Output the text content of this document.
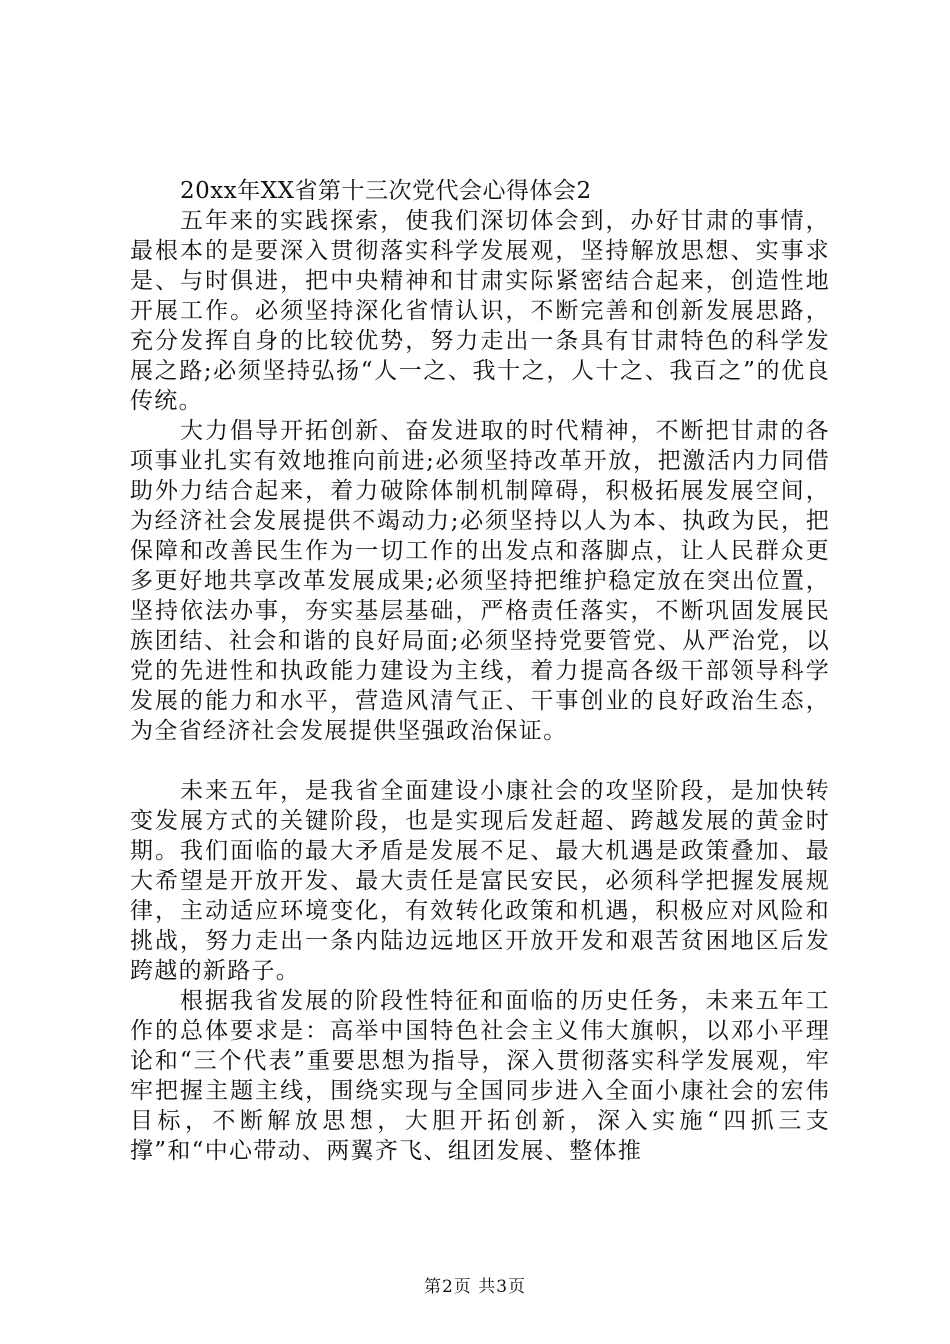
20xx年XX省第十三次党代会心得体会2

五年来的实践探索，使我们深切体会到，办好甘肃的事情，最根本的是要深入贯彻落实科学发展观，坚持解放思想、实事求是、与时俱进，把中央精神和甘肃实际紧密结合起来，创造性地开展工作。必须坚持深化省情认识，不断完善和创新发展思路，充分发挥自身的比较优势，努力走出一条具有甘肃特色的科学发展之路;必须坚持弘扬“人一之、我十之，人十之、我百之”的优良传统。

大力倡导开拓创新、奋发进取的时代精神，不断把甘肃的各项事业扎实有效地推向前进;必须坚持改革开放，把激活内力同借助外力结合起来，着力破除体制机制障碍，积极拓展发展空间，为经济社会发展提供不竭动力;必须坚持以人为本、执政为民，把保障和改善民生作为一切工作的出发点和落脚点，让人民群众更多更好地共享改革发展成果;必须坚持把维护稳定放在突出位置，坚持依法办事，夯实基层基础，严格责任落实，不断巩固发展民族团结、社会和谐的良好局面;必须坚持党要管党、从严治党，以党的先进性和执政能力建设为主线，着力提高各级干部领导科学发展的能力和水平，营造风清气正、干事创业的良好政治生态，为全省经济社会发展提供坚强政治保证。

未来五年，是我省全面建设小康社会的攻坚阶段，是加快转变发展方式的关键阶段，也是实现后发赶超、跨越发展的黄金时期。我们面临的最大矛盾是发展不足、最大机遇是政策叠加、最大希望是开放开发、最大责任是富民安民，必须科学把握发展规律，主动适应环境变化，有效转化政策和机遇，积极应对风险和挑战，努力走出一条内陆边远地区开放开发和艰苦贫困地区后发跨越的新路子。

根据我省发展的阶段性特征和面临的历史任务，未来五年工作的总体要求是：高举中国特色社会主义伟大旗帜，以邓小平理论和“三个代表”重要思想为指导，深入贯彻落实科学发展观，牢牢把握主题主线，围绕实现与全国同步进入全面小康社会的宏伟目标，不断解放思想，大胆开拓创新，深入实施“四抓三支撑”和“中心带动、两翼齐飞、组团发展、整体推

第2页 共3页
